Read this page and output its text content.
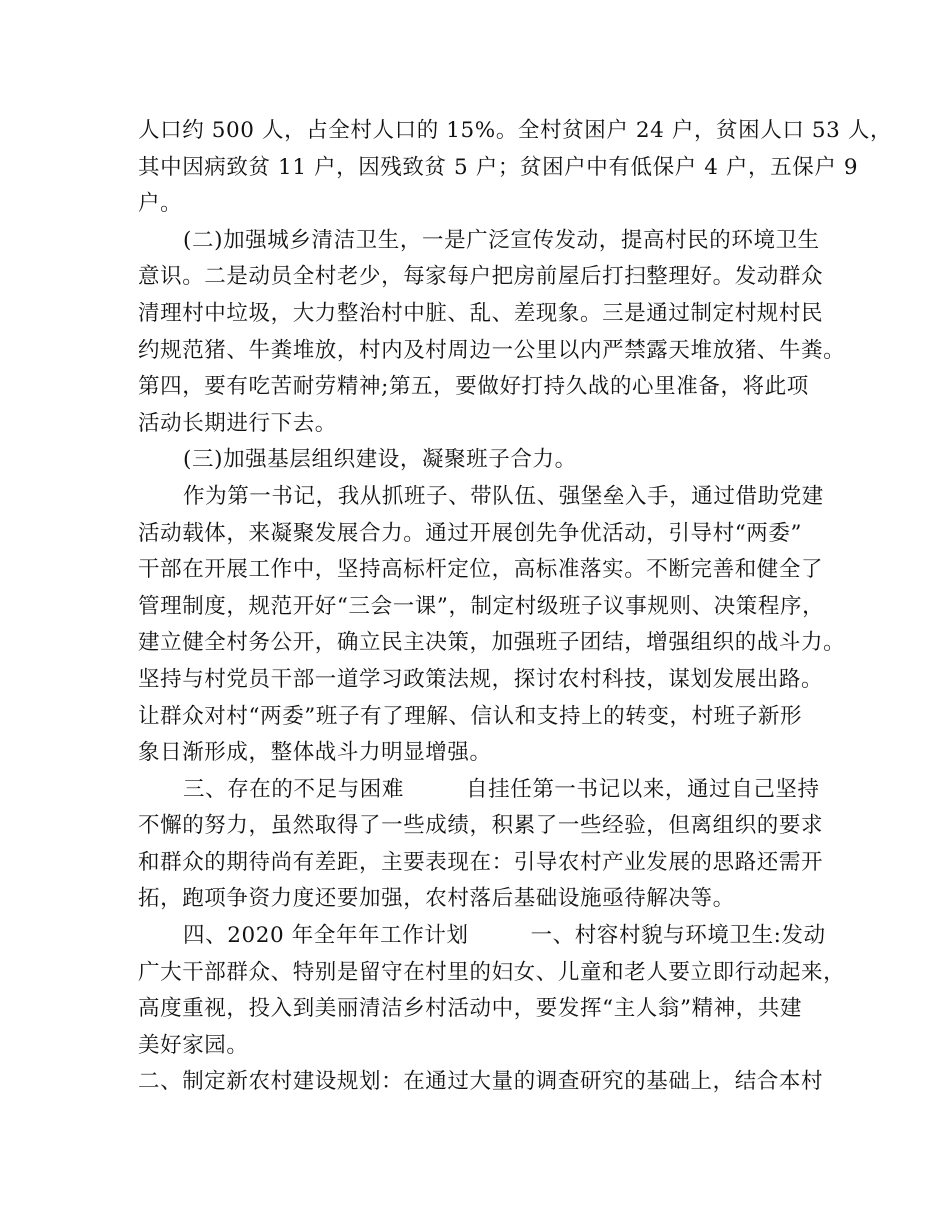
人口约 500 人，占全村人口的 15%。全村贫困户 24 户，贫困人口 53 人，
其中因病致贫 11 户，因残致贫 5 户；贫困户中有低保户 4 户，五保户 9
户。

(二)加强城乡清洁卫生，一是广泛宣传发动，提高村民的环境卫生
意识。二是动员全村老少，每家每户把房前屋后打扫整理好。发动群众
清理村中垃圾，大力整治村中脏、乱、差现象。三是通过制定村规村民
约规范猪、牛粪堆放，村内及村周边一公里以内严禁露天堆放猪、牛粪。
第四，要有吃苦耐劳精神;第五，要做好打持久战的心里准备，将此项
活动长期进行下去。

(三)加强基层组织建设，凝聚班子合力。

作为第一书记，我从抓班子、带队伍、强堡垒入手，通过借助党建
活动载体，来凝聚发展合力。通过开展创先争优活动，引导村“两委”
干部在开展工作中，坚持高标杆定位，高标准落实。不断完善和健全了
管理制度，规范开好“三会一课”，制定村级班子议事规则、决策程序，
建立健全村务公开，确立民主决策，加强班子团结，增强组织的战斗力。
坚持与村党员干部一道学习政策法规，探讨农村科技，谋划发展出路。
让群众对村“两委”班子有了理解、信认和支持上的转变，村班子新形
象日渐形成，整体战斗力明显增强。

三、存在的不足与困难	自挂任第一书记以来，通过自己坚持
不懈的努力，虽然取得了一些成绩，积累了一些经验，但离组织的要求
和群众的期待尚有差距，主要表现在：引导农村产业发展的思路还需开
拓，跑项争资力度还要加强，农村落后基础设施亟待解决等。

四、2020 年全年年工作计划	一、村容村貌与环境卫生:发动
广大干部群众、特别是留守在村里的妇女、儿童和老人要立即行动起来，
高度重视，投入到美丽清洁乡村活动中，要发挥“主人翁”精神，共建
美好家园。

二、制定新农村建设规划：在通过大量的调查研究的基础上，结合本村
